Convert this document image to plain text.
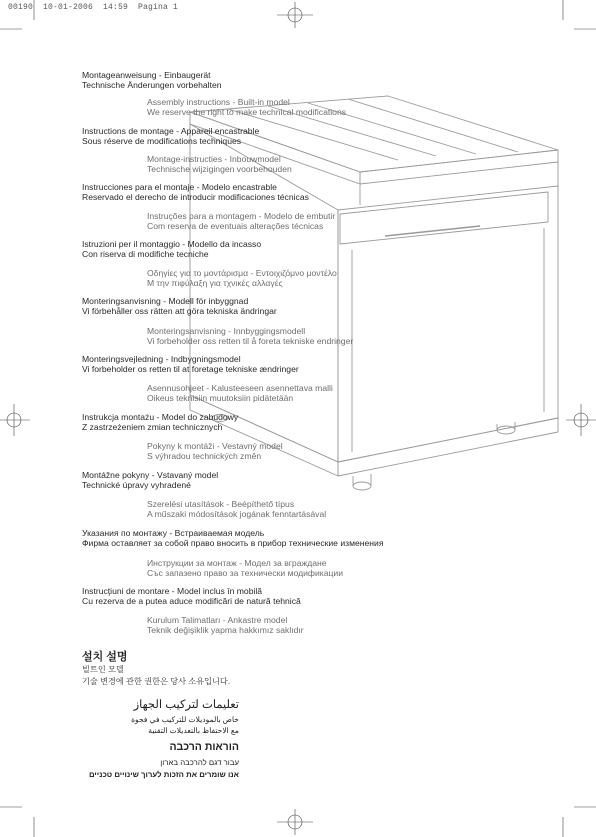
00190  10-01-2006  14:59  Pagina 1
Montageanweisung - Einbaugerät
Technische Änderungen vorbehalten
Assembly instructions - Built-in model
We reserve the right to make technical modifications
Instructions de montage - Appareil encastrable
Sous réserve de modifications techniques
Montage-instructies - Inbouwmodel
Technische wijzigingen voorbehouden
Instrucciones para el montaje - Modelo encastrable
Reservado el derecho de introducir modificaciones técnicas
Instruções para a montagem - Modelo de embutir
Com reserva de eventuais alterações técnicas
Istruzioni per il montaggio - Modello da incasso
Con riserva di modifiche tecniche
Οδηγίες για το μοντάρισμα - Εντοιχιζόμνο μοντέλο
Μ την πιφύλαξη για τχνικές αλλαγές
Monteringsanvisning - Modell för inbyggnad
Vi förbehåller oss rätten att göra tekniska ändringar
Monteringsanvisning - Innbyggingsmodell
Vi forbeholder oss retten til å foreta tekniske endringer
Monteringsvejledning - Indbygningsmodel
Vi forbeholder os retten til at foretage tekniske ændringer
Asennusohjeet - Kalusteeseen asennettava malli
Oikeus teknisiin muutoksiin pidätetään
Instrukcja montażu - Model do zabudowy
Z zastrzeżeniem zmian technicznych
Pokyny k montáži - Vestavný model
S výhradou technických změn
Montážne pokyny - Vstavaný model
Technické úpravy vyhradené
Szerelési utasítások - Beépíthető típus
A műszaki módosítások jogának fenntartásával
Указания по монтажу - Встраиваемая модель
Фирма оставляет за собой право вносить в прибор технические изменения
Инструкции за монтаж - Модел за вграждане
Със запазено право за технически модификации
Instrucţiuni de montare - Model inclus în mobilă
Cu rezerva de a putea aduce modificări de natură tehnică
Kurulum Talimatları - Ankastre model
Teknik değişiklik yapma hakkımız saklıdır
설치 설명
빌트인 모델
기술 변경에 관한 권한은 당사 소유입니다.
تعليمات لتركيب الجهاز
خاص بالموديلات للتركيب في فجوة
مع الاحتفاظ بالتعديلات التقنية
הוראות הרכבה
עבור דגם להרכבה בארון
אנו שומרים את הזכות לערוך שינויים טכניים
